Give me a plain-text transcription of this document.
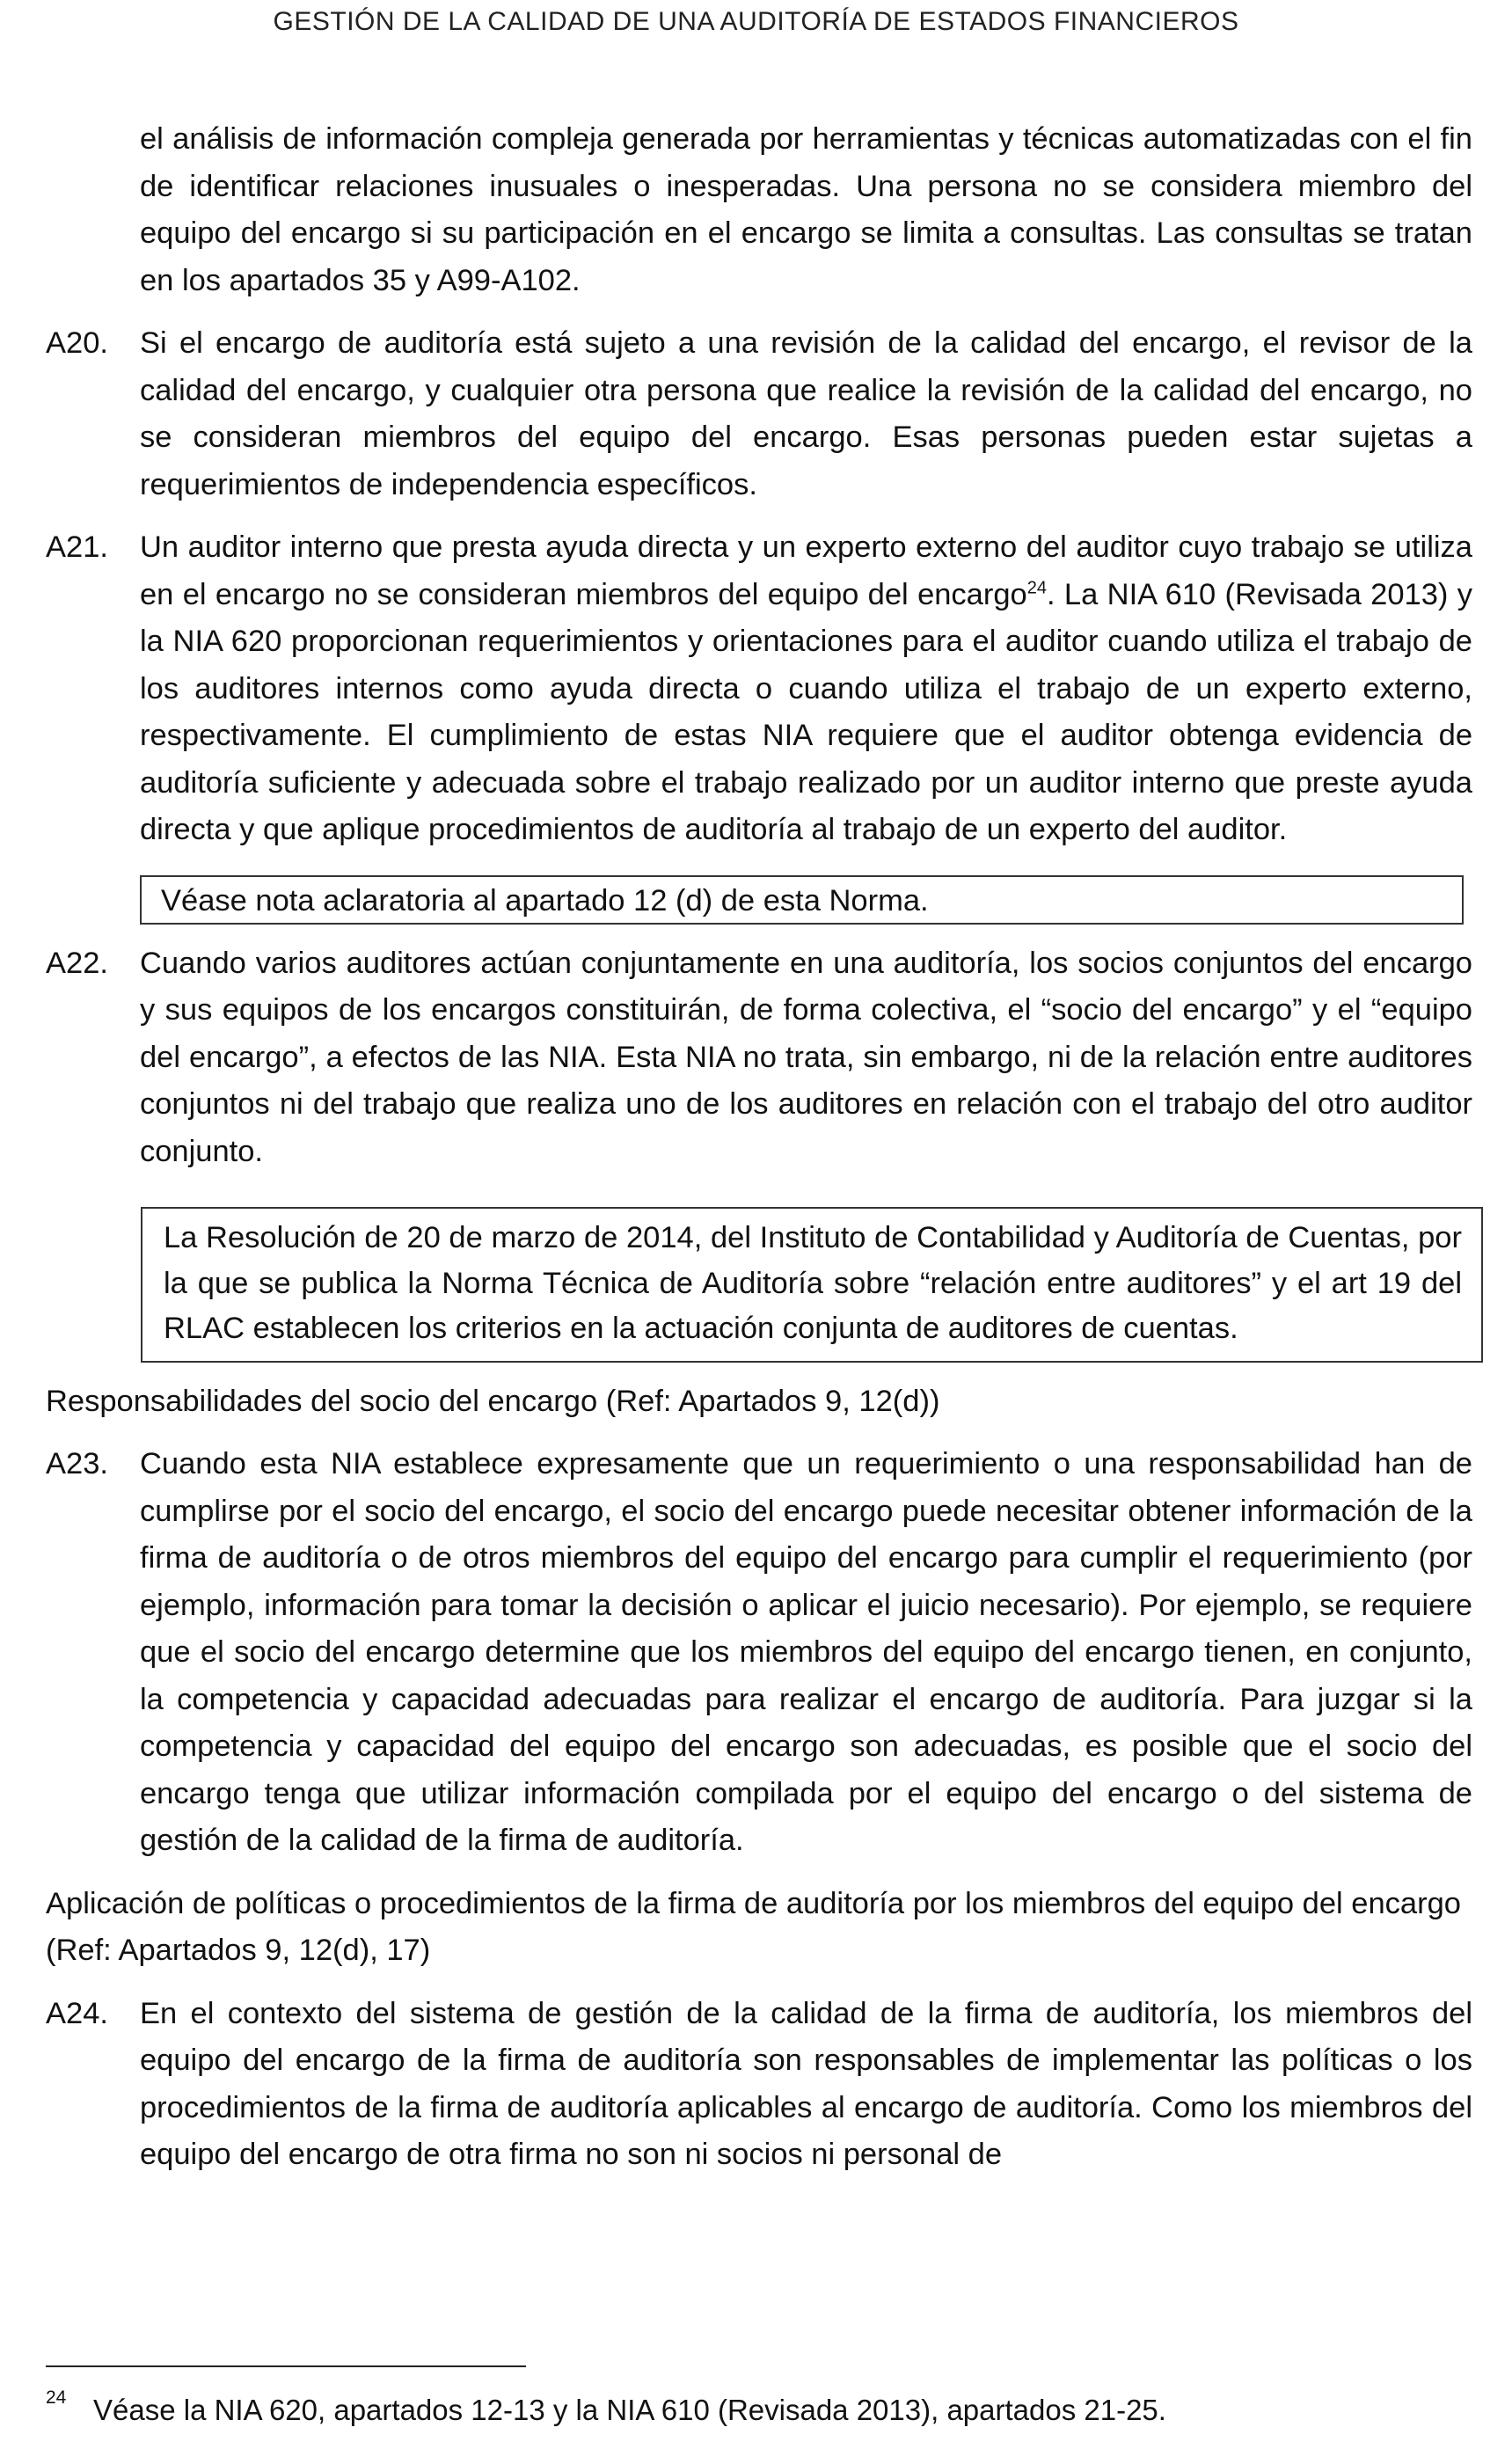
GESTIÓN DE LA CALIDAD DE UNA AUDITORÍA DE ESTADOS FINANCIEROS
el análisis de información compleja generada por herramientas y técnicas automatizadas con el fin de identificar relaciones inusuales o inesperadas. Una persona no se considera miembro del equipo del encargo si su participación en el encargo se limita a consultas. Las consultas se tratan en los apartados 35 y A99-A102.
A20.	Si el encargo de auditoría está sujeto a una revisión de la calidad del encargo, el revisor de la calidad del encargo, y cualquier otra persona que realice la revisión de la calidad del encargo, no se consideran miembros del equipo del encargo. Esas personas pueden estar sujetas a requerimientos de independencia específicos.
A21.	Un auditor interno que presta ayuda directa y un experto externo del auditor cuyo trabajo se utiliza en el encargo no se consideran miembros del equipo del encargo$^{24}$. La NIA 610 (Revisada 2013) y la NIA 620 proporcionan requerimientos y orientaciones para el auditor cuando utiliza el trabajo de los auditores internos como ayuda directa o cuando utiliza el trabajo de un experto externo, respectivamente. El cumplimiento de estas NIA requiere que el auditor obtenga evidencia de auditoría suficiente y adecuada sobre el trabajo realizado por un auditor interno que preste ayuda directa y que aplique procedimientos de auditoría al trabajo de un experto del auditor.
Véase nota aclaratoria al apartado 12 (d) de esta Norma.
A22.	Cuando varios auditores actúan conjuntamente en una auditoría, los socios conjuntos del encargo y sus equipos de los encargos constituirán, de forma colectiva, el “socio del encargo” y el “equipo del encargo”, a efectos de las NIA. Esta NIA no trata, sin embargo, ni de la relación entre auditores conjuntos ni del trabajo que realiza uno de los auditores en relación con el trabajo del otro auditor conjunto.
La Resolución de 20 de marzo de 2014, del Instituto de Contabilidad y Auditoría de Cuentas, por la que se publica la Norma Técnica de Auditoría sobre “relación entre auditores” y el art 19 del RLAC establecen los criterios en la actuación conjunta de auditores de cuentas.
Responsabilidades del socio del encargo (Ref: Apartados 9, 12(d))
A23.	Cuando esta NIA establece expresamente que un requerimiento o una responsabilidad han de cumplirse por el socio del encargo, el socio del encargo puede necesitar obtener información de la firma de auditoría o de otros miembros del equipo del encargo para cumplir el requerimiento (por ejemplo, información para tomar la decisión o aplicar el juicio necesario). Por ejemplo, se requiere que el socio del encargo determine que los miembros del equipo del encargo tienen, en conjunto, la competencia y capacidad adecuadas para realizar el encargo de auditoría. Para juzgar si la competencia y capacidad del equipo del encargo son adecuadas, es posible que el socio del encargo tenga que utilizar información compilada por el equipo del encargo o del sistema de gestión de la calidad de la firma de auditoría.
Aplicación de políticas o procedimientos de la firma de auditoría por los miembros del equipo del encargo (Ref: Apartados 9, 12(d), 17)
A24.	En el contexto del sistema de gestión de la calidad de la firma de auditoría, los miembros del equipo del encargo de la firma de auditoría son responsables de implementar las políticas o los procedimientos de la firma de auditoría aplicables al encargo de auditoría. Como los miembros del equipo del encargo de otra firma no son ni socios ni personal de
24 Véase la NIA 620, apartados 12-13 y la NIA 610 (Revisada 2013), apartados 21-25.
